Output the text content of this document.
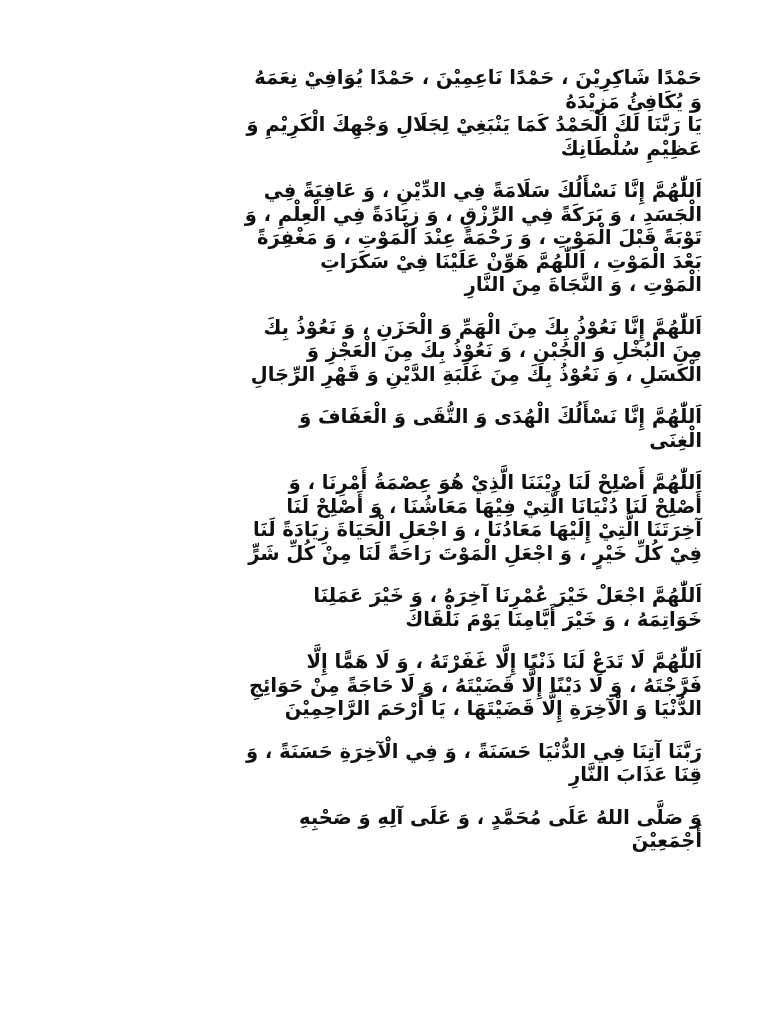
حَمْدًا شَاكِرِيْنَ ، حَمْدًا نَاعِمِيْنَ ، حَمْدًا يُوَافِيْ نِعَمَهُ
وَ يُكَافِئُ مَزِيْدَهُ
يَا رَبَّنَا لَكَ الْحَمْدُ كَمَا يَنْبَغِيْ لِجَلَالِ وَجْهِكَ الْكَرِيْمِ وَ
عَظِيْمِ سُلْطَانِكَ
اَللّٰهُمَّ إِنَّا نَسْأَلُكَ سَلَامَةً فِي الدِّيْنِ ، وَ عَافِيَةً فِي
الْجَسَدِ ، وَ بَرَكَةً فِي الرِّزْقِ ، وَ زِيَادَةً فِي الْعِلْمِ ، وَ
تَوْبَةً قَبْلَ الْمَوْتِ ، وَ رَحْمَةً عِنْدَ الْمَوْتِ ، وَ مَغْفِرَةً
بَعْدَ الْمَوْتِ ، اَللّٰهُمَّ هَوِّنْ عَلَيْنَا فِيْ سَكَرَاتِ
الْمَوْتِ ، وَ النَّجَاةَ مِنَ النَّارِ
اَللّٰهُمَّ إِنَّا نَعُوْذُ بِكَ مِنَ الْهَمِّ وَ الْحَزَنِ ، وَ نَعُوْذُ بِكَ
مِنَ الْبُخْلِ وَ الْجُبْنِ ، وَ نَعُوْذُ بِكَ مِنَ الْعَجْزِ وَ
الْكَسَلِ ، وَ نَعُوْذُ بِكَ مِنَ غَلَبَةِ الدَّيْنِ وَ قَهْرِ الرِّجَالِ
اَللّٰهُمَّ إِنَّا نَسْأَلُكَ الْهُدَى وَ التُّقَى وَ الْعَفَافَ وَ
الْغِنَى
اَللّٰهُمَّ أَصْلِحْ لَنَا دِيْنَنَا الَّذِيْ هُوَ عِصْمَةُ أَمْرِنَا ، وَ
أَصْلِحْ لَنَا دُنْيَانَا الَّتِيْ فِيْهَا مَعَاشُنَا ، وَ أَصْلِحْ لَنَا
آخِرَتَنَا الَّتِيْ إِلَيْهَا مَعَادُنَا ، وَ اجْعَلِ الْحَيَاةَ زِيَادَةً لَنَا
فِيْ كُلِّ خَيْرٍ ، وَ اجْعَلِ الْمَوْتَ رَاحَةً لَنَا مِنْ كُلِّ شَرٍّ
اَللّٰهُمَّ اجْعَلْ خَيْرَ عُمْرِنَا آخِرَهُ ، وَ خَيْرَ عَمَلِنَا
خَوَاتِمَهُ ، وَ خَيْرَ أَيَّامِنَا يَوْمَ نَلْقَاكَ
اَللّٰهُمَّ لَا تَدَعْ لَنَا ذَنْبًا إِلَّا غَفَرْتَهُ ، وَ لَا هَمًّا إِلَّا
فَرَّجْتَهُ ، وَ لَا دَيْنًا إِلَّا قَضَيْتَهُ ، وَ لَا حَاجَةً مِنْ حَوَائِجِ
الدُّنْيَا وَ الْآخِرَةِ إِلَّا قَضَيْتَهَا ، يَا أَرْحَمَ الرَّاحِمِيْنَ
رَبَّنَا آتِنَا فِي الدُّنْيَا حَسَنَةً ، وَ فِي الْآخِرَةِ حَسَنَةً ، وَ
قِنَا عَذَابَ النَّارِ
وَ صَلَّى اللهُ عَلَى مُحَمَّدٍ ، وَ عَلَى آلِهِ وَ صَحْبِهِ
أَجْمَعِيْنَ
